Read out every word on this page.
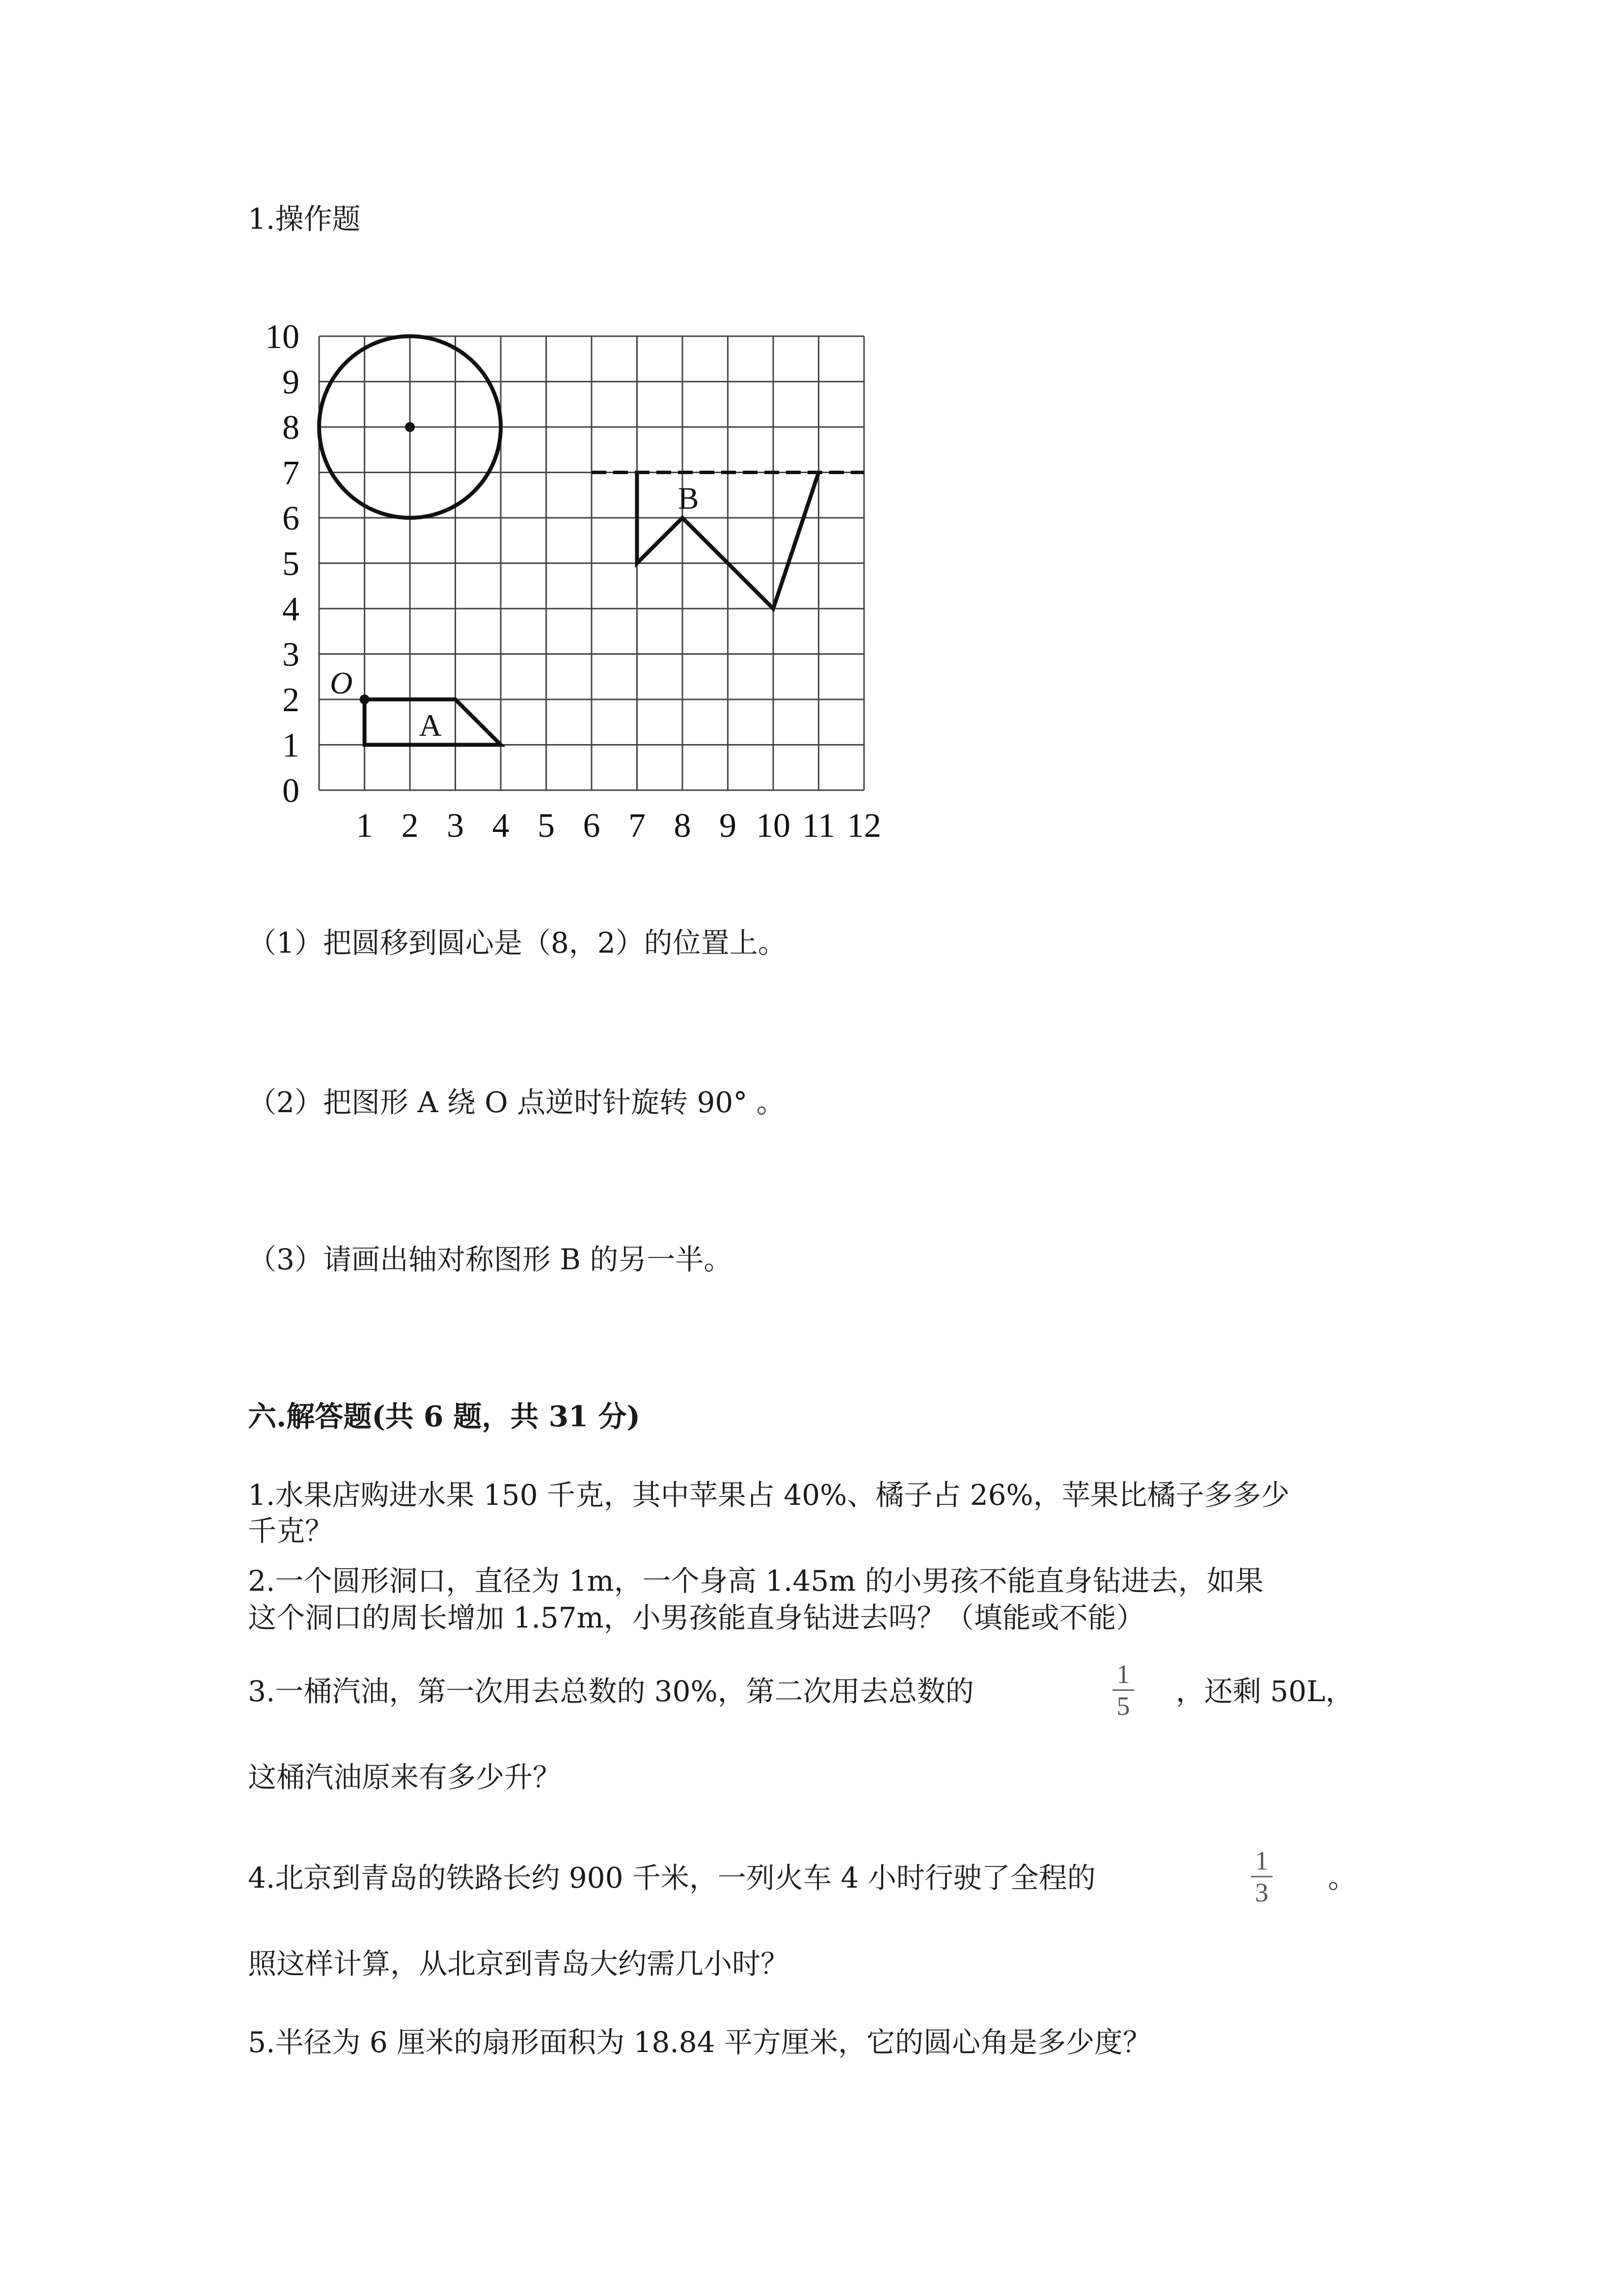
1.操作题
10
9
8
7
6
5
4
3
2
1
0
1 2 3 4 5 6 7 8 9 10 11 12
O
A
B
（1）把圆移到圆心是（8，2）的位置上。
（2）把图形 A 绕 O 点逆时针旋转 90° 。
（3）请画出轴对称图形 B 的另一半。
六.解答题(共 6 题，共 31 分)
1.水果店购进水果 150 千克，其中苹果占 40%、橘子占 26%，苹果比橘子多多少
千克？
2.一个圆形洞口，直径为 1m，一个身高 1.45m 的小男孩不能直身钻进去，如果
这个洞口的周长增加 1.57m，小男孩能直身钻进去吗？（填能或不能）
3.一桶汽油，第一次用去总数的 30%，第二次用去总数的
1
5 ，还剩 50L，
这桶汽油原来有多少升？
4.北京到青岛的铁路长约 900 千米，一列火车 4 小时行驶了全程的
1
3 。
照这样计算，从北京到青岛大约需几小时？
5.半径为 6 厘米的扇形面积为 18.84 平方厘米，它的圆心角是多少度？
